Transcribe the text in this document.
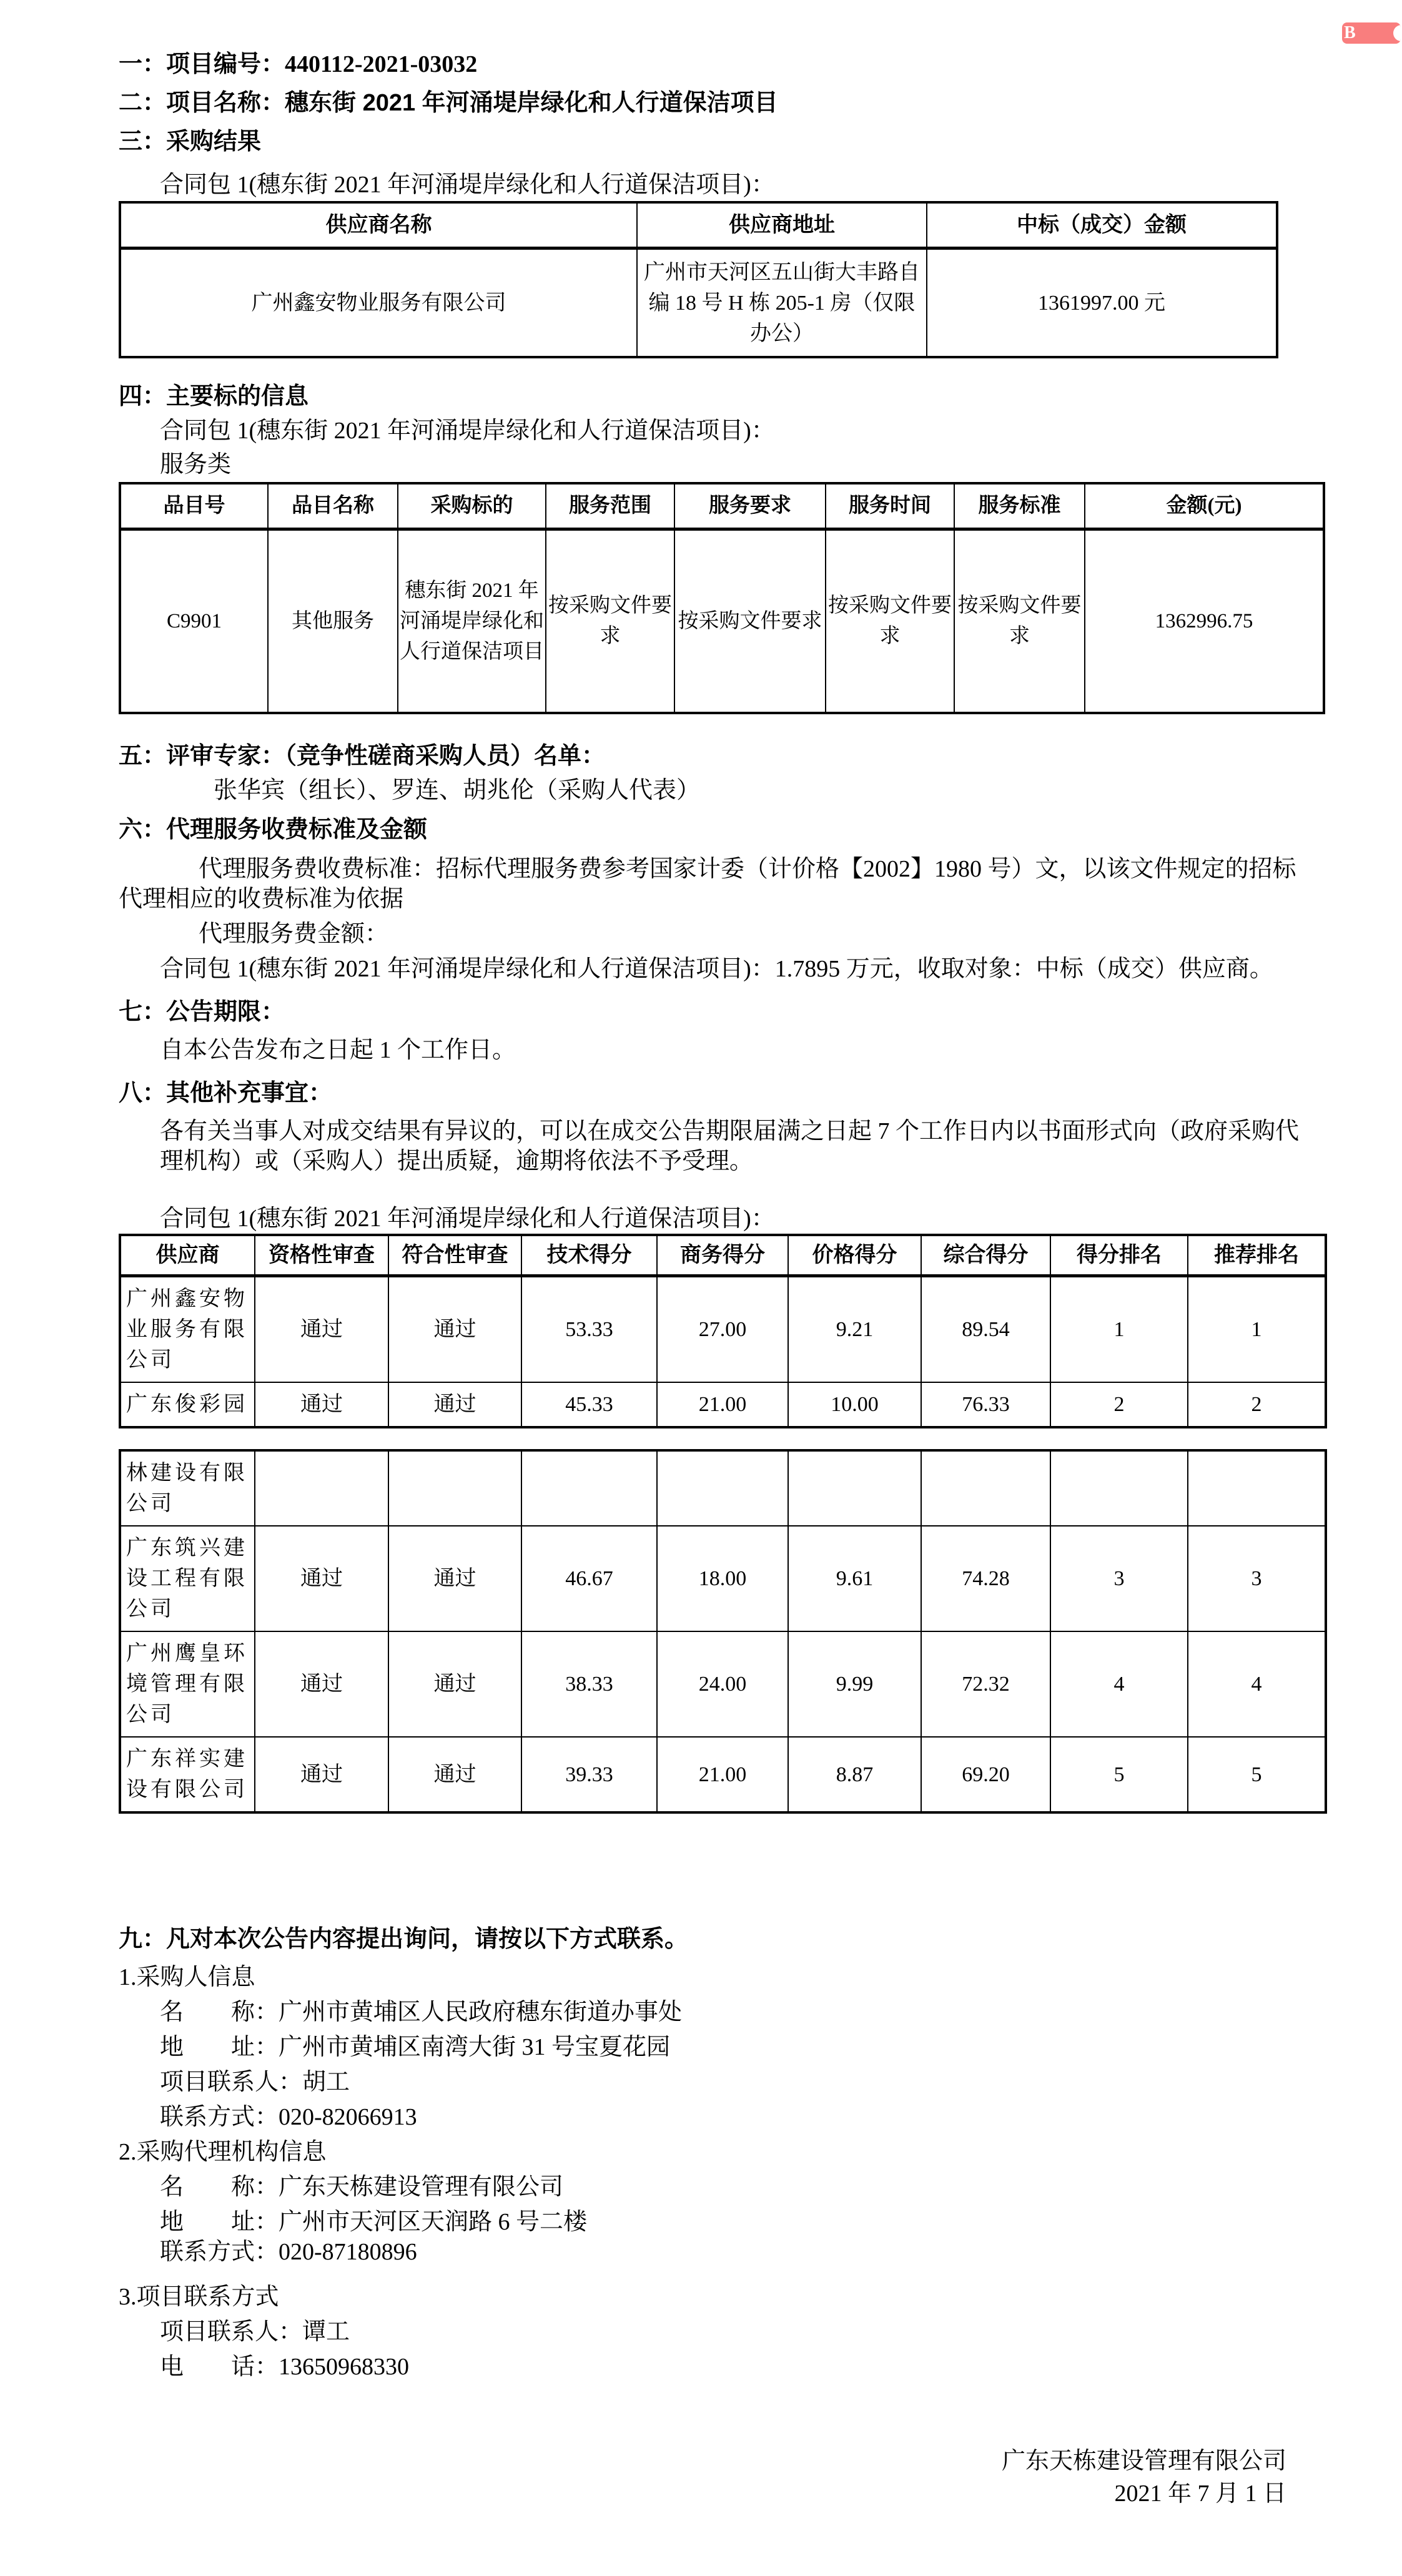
B

一：项目编号：440112-2021-03032

二：项目名称：穗东街 2021 年河涌堤岸绿化和人行道保洁项目

三：采购结果

合同包 1(穗东街 2021 年河涌堤岸绿化和人行道保洁项目)：

供应商名称	供应商地址	中标（成交）金额
广州鑫安物业服务有限公司	广州市天河区五山街大丰路自编 18 号 H 栋 205-1 房（仅限办公）	1361997.00 元

四：主要标的信息

合同包 1(穗东街 2021 年河涌堤岸绿化和人行道保洁项目)：

服务类

品目号	品目名称	采购标的	服务范围	服务要求	服务时间	服务标准	金额(元)
C9901	其他服务	穗东街 2021 年河涌堤岸绿化和人行道保洁项目	按采购文件要求	按采购文件要求	按采购文件要求	按采购文件要求	1362996.75

五：评审专家：（竞争性磋商采购人员）名单：

张华宾（组长）、罗连、胡兆伦（采购人代表）

六：代理服务收费标准及金额

代理服务费收费标准：招标代理服务费参考国家计委（计价格【2002】1980 号）文，以该文件规定的招标代理相应的收费标准为依据

代理服务费金额：

合同包 1(穗东街 2021 年河涌堤岸绿化和人行道保洁项目)：1.7895 万元，收取对象：中标（成交）供应商。

七：公告期限：

自本公告发布之日起 1 个工作日。

八：其他补充事宜：

各有关当事人对成交结果有异议的，可以在成交公告期限届满之日起 7 个工作日内以书面形式向（政府采购代理机构）或（采购人）提出质疑，逾期将依法不予受理。

合同包 1(穗东街 2021 年河涌堤岸绿化和人行道保洁项目)：

供应商	资格性审查	符合性审查	技术得分	商务得分	价格得分	综合得分	得分排名	推荐排名
广州鑫安物业服务有限公司	通过	通过	53.33	27.00	9.21	89.54	1	1
广东俊彩园	通过	通过	45.33	21.00	10.00	76.33	2	2
林建设有限公司								
广东筑兴建设工程有限公司	通过	通过	46.67	18.00	9.61	74.28	3	3
广州鹰皇环境管理有限公司	通过	通过	38.33	24.00	9.99	72.32	4	4
广东祥实建设有限公司	通过	通过	39.33	21.00	8.87	69.20	5	5

九：凡对本次公告内容提出询问，请按以下方式联系。

1.采购人信息

名　　称：广州市黄埔区人民政府穗东街道办事处

地　　址：广州市黄埔区南湾大街 31 号宝夏花园

项目联系人：胡工

联系方式：020-82066913

2.采购代理机构信息

名　　称：广东天栋建设管理有限公司

地　　址：广州市天河区天润路 6 号二楼

联系方式：020-87180896

3.项目联系方式

项目联系人：谭工

电　　话：13650968330

广东天栋建设管理有限公司
2021 年 7 月 1 日
